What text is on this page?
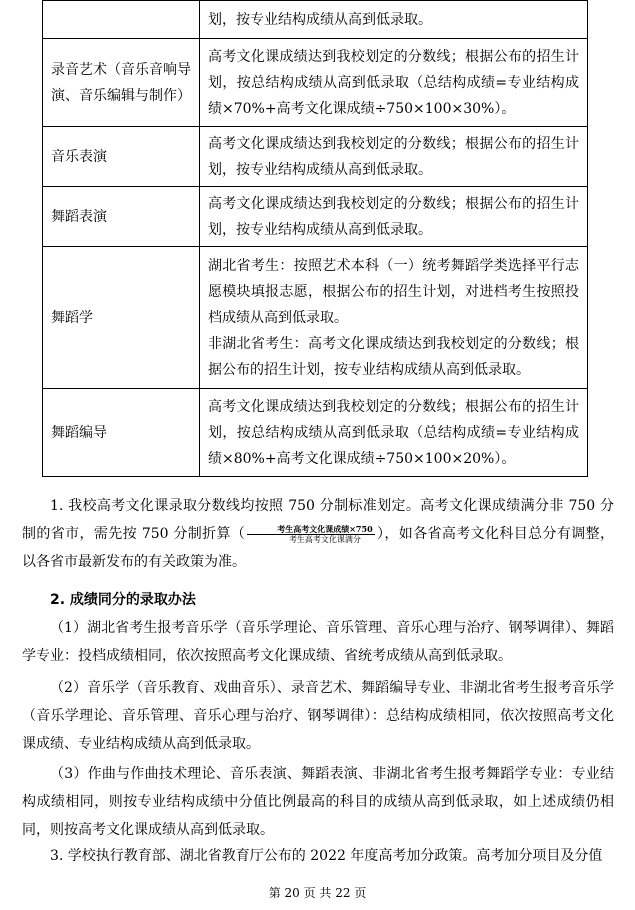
	划，按专业结构成绩从高到低录取。

录音艺术（音乐音响导演、音乐编辑与制作）	高考文化课成绩达到我校划定的分数线；根据公布的招生计划，按总结构成绩从高到低录取（总结构成绩=专业结构成绩×70%+高考文化课成绩÷750×100×30%）。

音乐表演	高考文化课成绩达到我校划定的分数线；根据公布的招生计划，按专业结构成绩从高到低录取。

舞蹈表演	高考文化课成绩达到我校划定的分数线；根据公布的招生计划，按专业结构成绩从高到低录取。

舞蹈学	湖北省考生：按照艺术本科（一）统考舞蹈学类选择平行志愿模块填报志愿，根据公布的招生计划，对进档考生按照投档成绩从高到低录取。
非湖北省考生：高考文化课成绩达到我校划定的分数线；根据公布的招生计划，按专业结构成绩从高到低录取。

舞蹈编导	高考文化课成绩达到我校划定的分数线；根据公布的招生计划，按总结构成绩从高到低录取（总结构成绩=专业结构成绩×80%+高考文化课成绩÷750×100×20%）。
1. 我校高考文化课录取分数线均按照 750 分制标准划定。高考文化课成绩满分非 750 分制的省市，需先按 750 分制折算（ $\frac{\text{考生高考文化课成绩×750}}{\text{考生高考文化课满分}}$ ），如各省高考文化科目总分有调整，以各省市最新发布的有关政策为准。
2. 成绩同分的录取办法
（1）湖北省考生报考音乐学（音乐学理论、音乐管理、音乐心理与治疗、钢琴调律）、舞蹈学专业：投档成绩相同，依次按照高考文化课成绩、省统考成绩从高到低录取。
（2）音乐学（音乐教育、戏曲音乐）、录音艺术、舞蹈编导专业、非湖北省考生报考音乐学（音乐学理论、音乐管理、音乐心理与治疗、钢琴调律）：总结构成绩相同，依次按照高考文化课成绩、专业结构成绩从高到低录取。
（3）作曲与作曲技术理论、音乐表演、舞蹈表演、非湖北省考生报考舞蹈学专业：专业结构成绩相同，则按专业结构成绩中分值比例最高的科目的成绩从高到低录取，如上述成绩仍相同，则按高考文化课成绩从高到低录取。
3. 学校执行教育部、湖北省教育厅公布的 2022 年度高考加分政策。高考加分项目及分值
第 20 页 共 22 页
